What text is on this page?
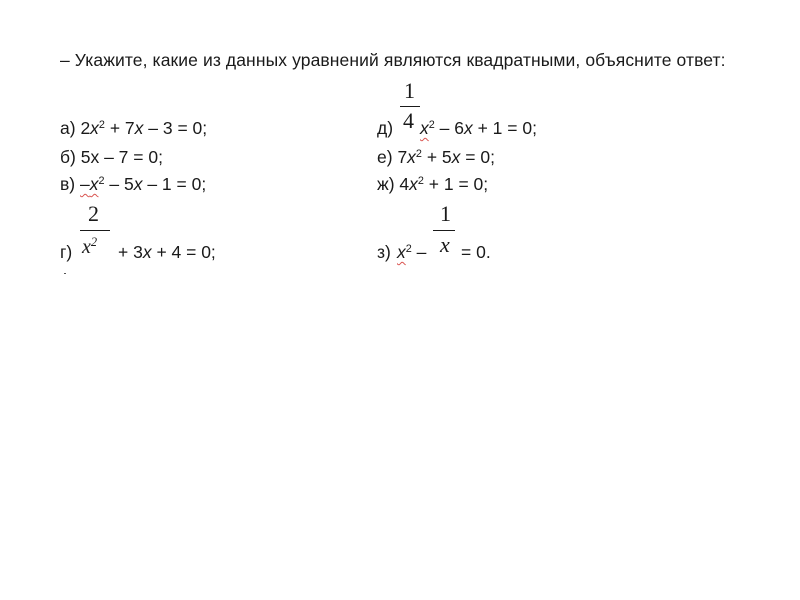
– Укажите, какие из данных уравнений являются квадратными, объясните ответ:
а) $2x^2 + 7x - 3 = 0$;
б) 5x – 7 = 0;
в) $-x^2 - 5x - 1 = 0$;
г)
2
$x^2 + 3x + 4 = 0$;
д)
1
4 $x^2 - 6x + 1 = 0$;
е) $7x^2 + 5x = 0$;
ж) $4x^2 + 1 = 0$;
з) $x^2$ –
1
x = 0.
